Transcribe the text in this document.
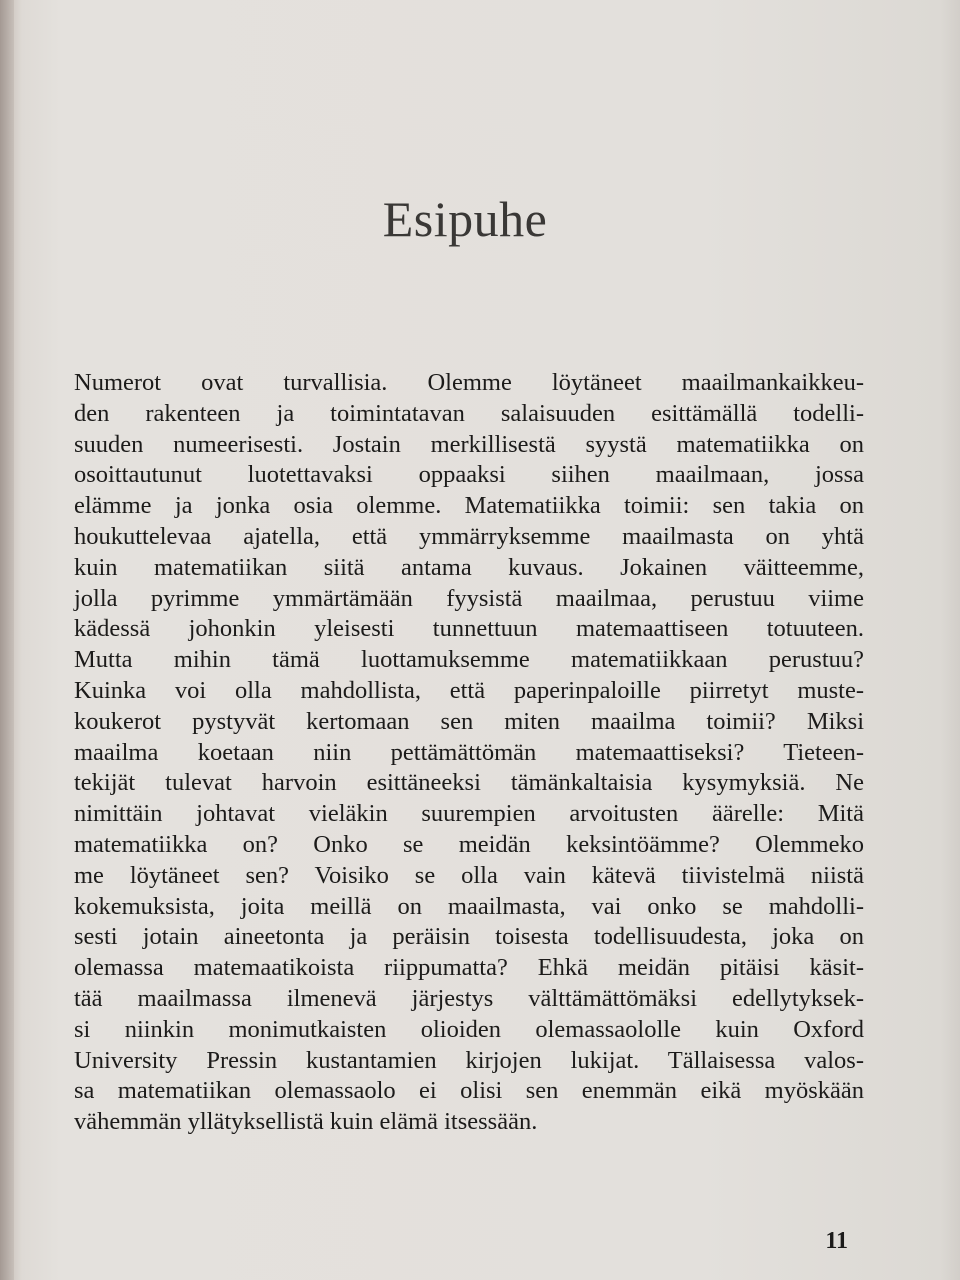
Esipuhe
Numerot ovat turvallisia. Olemme löytäneet maailmankaikkeu-
den rakenteen ja toimintatavan salaisuuden esittämällä todelli-
suuden numeerisesti. Jostain merkillisestä syystä matematiikka on
osoittautunut luotettavaksi oppaaksi siihen maailmaan, jossa
elämme ja jonka osia olemme. Matematiikka toimii: sen takia on
houkuttelevaa ajatella, että ymmärryksemme maailmasta on yhtä
kuin matematiikan siitä antama kuvaus. Jokainen väitteemme,
jolla pyrimme ymmärtämään fyysistä maailmaa, perustuu viime
kädessä johonkin yleisesti tunnettuun matemaattiseen totuuteen.
Mutta mihin tämä luottamuksemme matematiikkaan perustuu?
Kuinka voi olla mahdollista, että paperinpaloille piirretyt muste-
koukerot pystyvät kertomaan sen miten maailma toimii? Miksi
maailma koetaan niin pettämättömän matemaattiseksi? Tieteen-
tekijät tulevat harvoin esittäneeksi tämänkaltaisia kysymyksiä. Ne
nimittäin johtavat vieläkin suurempien arvoitusten äärelle: Mitä
matematiikka on? Onko se meidän keksintöämme? Olemmeko
me löytäneet sen? Voisiko se olla vain kätevä tiivistelmä niistä
kokemuksista, joita meillä on maailmasta, vai onko se mahdolli-
sesti jotain aineetonta ja peräisin toisesta todellisuudesta, joka on
olemassa matemaatikoista riippumatta? Ehkä meidän pitäisi käsit-
tää maailmassa ilmenevä järjestys välttämättömäksi edellytyksek-
si niinkin monimutkaisten olioiden olemassaololle kuin Oxford
University Pressin kustantamien kirjojen lukijat. Tällaisessa valos-
sa matematiikan olemassaolo ei olisi sen enemmän eikä myöskään
vähemmän yllätyksellistä kuin elämä itsessään.
11
